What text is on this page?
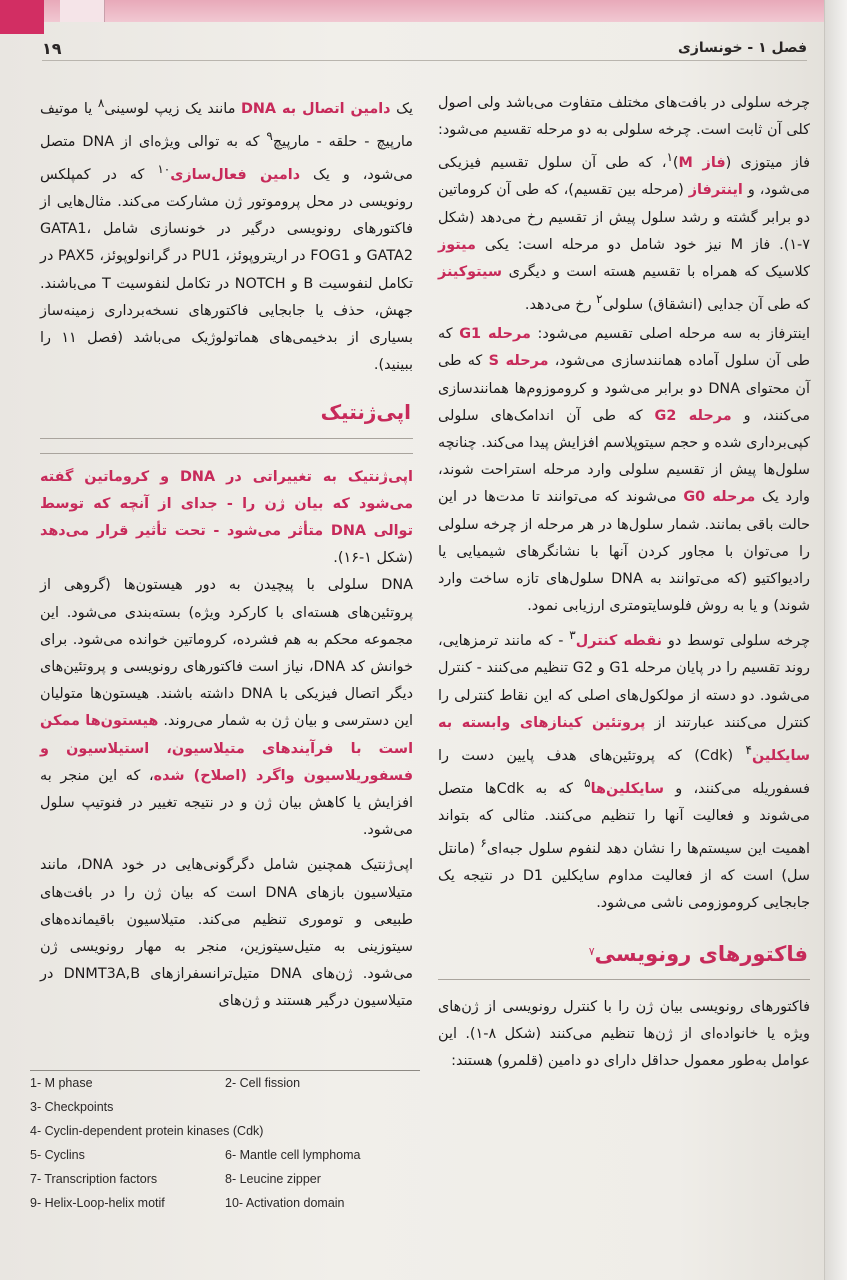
فصل ۱ - خونسازی
۱۹

چرخه سلولی در بافت‌های مختلف متفاوت می‌باشد ولی اصول کلی آن ثابت است. چرخه سلولی به دو مرحله تقسیم می‌شود: فاز میتوزی (فاز M)$^۱$، که طی آن سلول تقسیم فیزیکی می‌شود، و اینترفاز (مرحله بین تقسیم)، که طی آن کروماتین دو برابر گشته و رشد سلول پیش از تقسیم رخ می‌دهد (شکل ۷-۱). فاز M نیز خود شامل دو مرحله است: یکی میتوز کلاسیک که همراه با تقسیم هسته است و دیگری سیتوکینز که طی آن جدایی (انشقاق) سلولی$^۲$ رخ می‌دهد.

اینترفاز به سه مرحله اصلی تقسیم می‌شود: مرحله G1 که طی آن سلول آماده همانندسازی می‌شود، مرحله S که طی آن محتوای DNA دو برابر می‌شود و کروموزوم‌ها همانندسازی می‌کنند، و مرحله G2 که طی آن اندامک‌های سلولی کپی‌برداری شده و حجم سیتوپلاسم افزایش پیدا می‌کند. چنانچه سلول‌ها پیش از تقسیم سلولی وارد مرحله استراحت شوند، وارد یک مرحله G0 می‌شوند که می‌توانند تا مدت‌ها در این حالت باقی بمانند. شمار سلول‌ها در هر مرحله از چرخه سلولی را می‌توان با مجاور کردن آنها با نشانگرهای شیمیایی یا رادیواکتیو (که می‌توانند به DNA سلول‌های تازه ساخت وارد شوند) و یا به روش فلوسایتومتری ارزیابی نمود.

چرخه سلولی توسط دو نقطه کنترل$^۳$ - که مانند ترمزهایی، روند تقسیم را در پایان مرحله G1 و G2 تنظیم می‌کنند - کنترل می‌شود. دو دسته از مولکول‌های اصلی که این نقاط کنترلی را کنترل می‌کنند عبارتند از پروتئین کینازهای وابسته به سایکلین$^۴$ (Cdk) که پروتئین‌های هدف پایین دست را فسفوریله می‌کنند، و سایکلین‌ها$^۵$ که به Cdkها متصل می‌شوند و فعالیت آنها را تنظیم می‌کنند. مثالی که بتواند اهمیت این سیستم‌ها را نشان دهد لنفوم سلول جبه‌ای$^۶$ (مانتل سل) است که از فعالیت مداوم سایکلین D1 در نتیجه یک جابجایی کروموزومی ناشی می‌شود.

فاکتورهای رونویسی$^۷$

فاکتورهای رونویسی بیان ژن را با کنترل رونویسی از ژن‌های ویژه یا خانواده‌ای از ژن‌ها تنظیم می‌کنند (شکل ۸-۱). این عوامل به‌طور معمول حداقل دارای دو دامین (قلمرو) هستند:

یک دامین اتصال به DNA مانند یک زیپ لوسینی$^۸$ یا موتیف مارپیچ - حلقه - مارپیچ$^۹$ که به توالی ویژه‌ای از DNA متصل می‌شود، و یک دامین فعال‌سازی$^{۱۰}$ که در کمپلکس رونویسی در محل پروموتور ژن مشارکت می‌کند. مثال‌هایی از فاکتورهای رونویسی درگیر در خونسازی شامل GATA1، GATA2 و FOG1 در اریتروپوئز، PU1 در گرانولوپوئز، PAX5 در تکامل لنفوسیت B و NOTCH در تکامل لنفوسیت T می‌باشند. جهش، حذف یا جابجایی فاکتورهای نسخه‌برداری زمینه‌ساز بسیاری از بدخیمی‌های هماتولوژیک می‌باشد (فصل ۱۱ را ببینید).

اپی‌ژنتیک

اپی‌ژنتیک به تغییراتی در DNA و کروماتین گفته می‌شود که بیان ژن را - جدای از آنچه که توسط توالی DNA متأثر می‌شود - تحت تأثیر قرار می‌دهد (شکل ۱-۱۶).

DNA سلولی با پیچیدن به دور هیستون‌ها (گروهی از پروتئین‌های هسته‌ای با کارکرد ویژه) بسته‌بندی می‌شود. این مجموعه محکم به هم فشرده، کروماتین خوانده می‌شود. برای خوانش کد DNA، نیاز است فاکتورهای رونویسی و پروتئین‌های دیگر اتصال فیزیکی با DNA داشته باشند. هیستون‌ها متولیان این دسترسی و بیان ژن به شمار می‌روند. هیستون‌ها ممکن است با فرآیندهای متیلاسیون، استیلاسیون و فسفوریلاسیون واگرد (اصلاح) شده، که این منجر به افزایش یا کاهش بیان ژن و در نتیجه تغییر در فنوتیپ سلول می‌شود.

اپی‌ژنتیک همچنین شامل دگرگونی‌هایی در خود DNA، مانند متیلاسیون بازهای DNA است که بیان ژن را در بافت‌های طبیعی و توموری تنظیم می‌کند. متیلاسیون باقیمانده‌های سیتوزینی به متیل‌سیتوزین، منجر به مهار رونویسی ژن می‌شود. ژن‌های DNA متیل‌ترانسفرازهای DNMT3A,B در متیلاسیون درگیر هستند و ژن‌های

1- M phase	2- Cell fission
3- Checkpoints
4- Cyclin-dependent protein kinases (Cdk)
5- Cyclins	6- Mantle cell lymphoma
7- Transcription factors	8- Leucine zipper
9- Helix-Loop-helix motif	10- Activation domain
